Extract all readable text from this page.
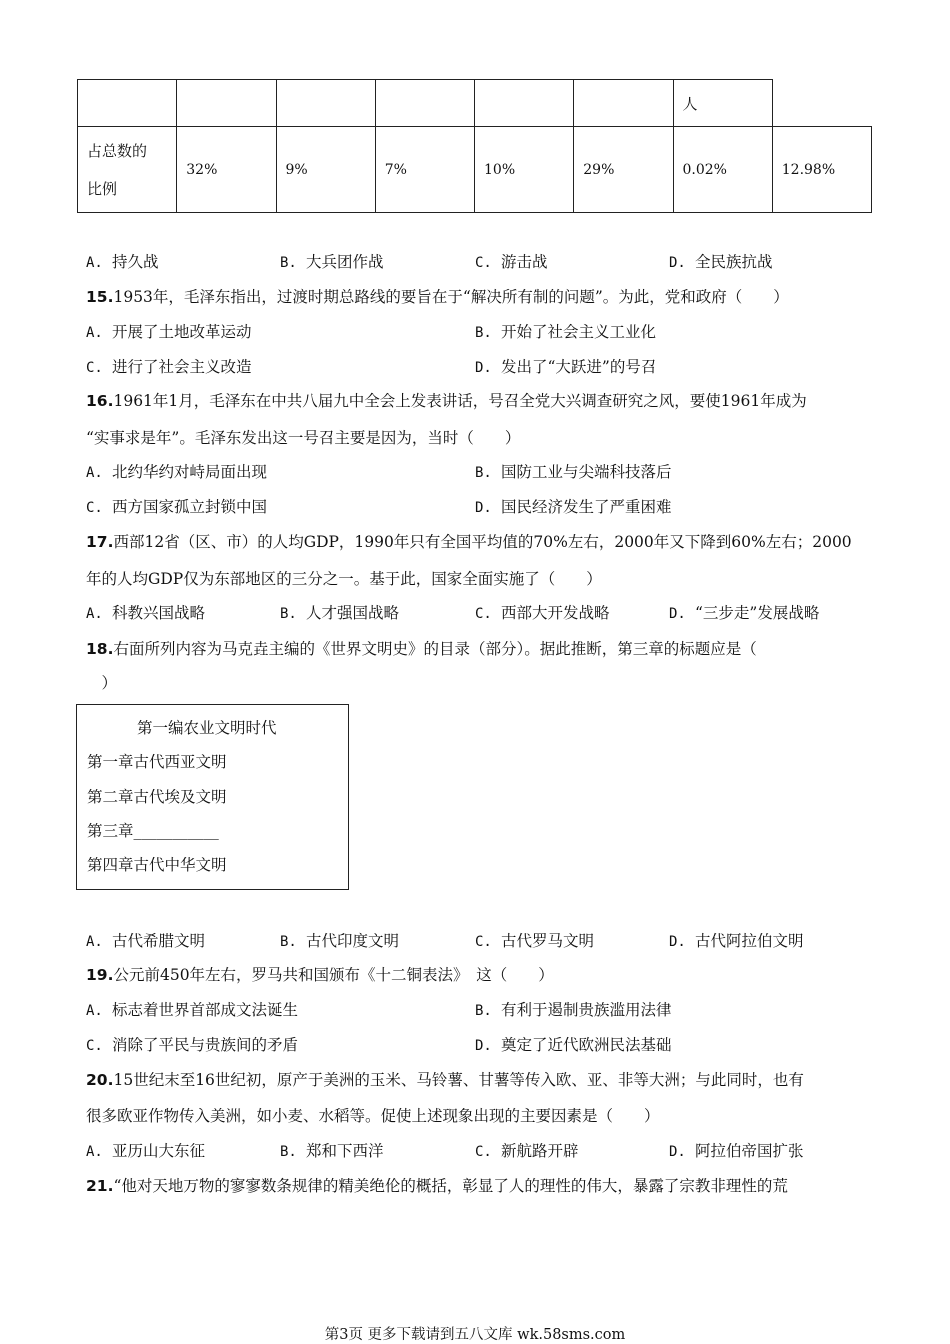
						人	
占总数的
比例	32%	9%	7%	10%	29%	0.02%	12.98%
A. 持久战	B. 大兵团作战	C. 游击战	D. 全民族抗战
15.1953年，毛泽东指出，过渡时期总路线的要旨在于“解决所有制的问题”。为此，党和政府（　　）
A. 开展了土地改革运动	B. 开始了社会主义工业化
C. 进行了社会主义改造	D. 发出了“大跃进”的号召
16.1961年1月，毛泽东在中共八届九中全会上发表讲话，号召全党大兴调查研究之风，要使1961年成为
“实事求是年”。毛泽东发出这一号召主要是因为，当时（　　）
A. 北约华约对峙局面出现	B. 国防工业与尖端科技落后
C. 西方国家孤立封锁中国	D. 国民经济发生了严重困难
17.西部12省（区、市）的人均GDP，1990年只有全国平均值的70%左右，2000年又下降到60%左右；2000
年的人均GDP仅为东部地区的三分之一。基于此，国家全面实施了（　　）
A. 科教兴国战略	B. 人才强国战略	C. 西部大开发战略	D. “三步走”发展战略
18.右面所列内容为马克垚主编的《世界文明史》的目录（部分）。据此推断，第三章的标题应是（
　）
第一编农业文明时代
第一章古代西亚文明
第二章古代埃及文明
第三章___________
第四章古代中华文明
A. 古代希腊文明	B. 古代印度文明	C. 古代罗马文明	D. 古代阿拉伯文明
19.公元前450年左右，罗马共和国颁布《十二铜表法》　这（　　）
A. 标志着世界首部成文法诞生	B. 有利于遏制贵族滥用法律
C. 消除了平民与贵族间的矛盾	D. 奠定了近代欧洲民法基础
20.15世纪末至16世纪初，原产于美洲的玉米、马铃薯、甘薯等传入欧、亚、非等大洲；与此同时，也有
很多欧亚作物传入美洲，如小麦、水稻等。促使上述现象出现的主要因素是（　　）
A. 亚历山大东征	B. 郑和下西洋	C. 新航路开辟	D. 阿拉伯帝国扩张
21.“他对天地万物的寥寥数条规律的精美绝伦的概括，彰显了人的理性的伟大，暴露了宗教非理性的荒
第3页 更多下载请到五八文库 wk.58sms.com
